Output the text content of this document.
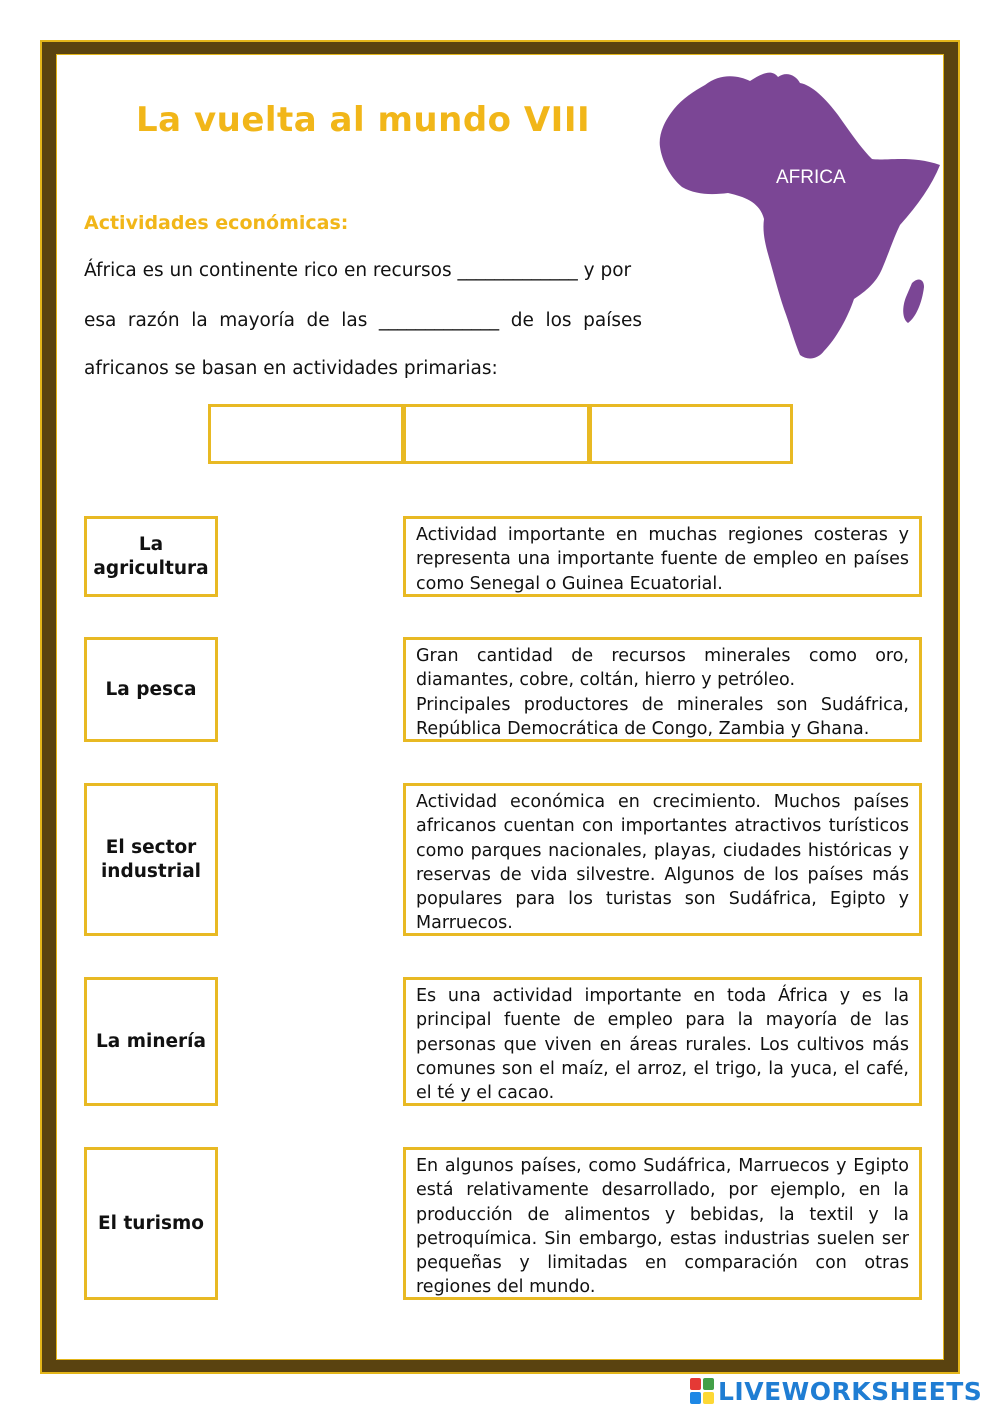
La vuelta al mundo VIII
AFRICA
Actividades económicas:
África es un continente rico en recursos _____________ y por
esa razón la mayoría de las _____________ de los países
africanos se basan en actividades primarias:
La agricultura
La pesca
El sector industrial
La minería
El turismo

Actividad importante en muchas regiones costeras y representa una importante fuente de empleo en países como Senegal o Guinea Ecuatorial.

Gran cantidad de recursos minerales como oro, diamantes, cobre, coltán, hierro y petróleo.

Principales productores de minerales son Sudáfrica, República Democrática de Congo, Zambia y Ghana.

Actividad económica en crecimiento. Muchos países africanos cuentan con importantes atractivos turísticos como parques nacionales, playas, ciudades históricas y reservas de vida silvestre. Algunos de los países más populares para los turistas son Sudáfrica, Egipto y Marruecos.

Es una actividad importante en toda África y es la principal fuente de empleo para la mayoría de las personas que viven en áreas rurales. Los cultivos más comunes son el maíz, el arroz, el trigo, la yuca, el café, el té y el cacao.

En algunos países, como Sudáfrica, Marruecos y Egipto está relativamente desarrollado, por ejemplo, en la producción de alimentos y bebidas, la textil y la petroquímica. Sin embargo, estas industrias suelen ser pequeñas y limitadas en comparación con otras regiones del mundo.

LIVEWORKSHEETS
